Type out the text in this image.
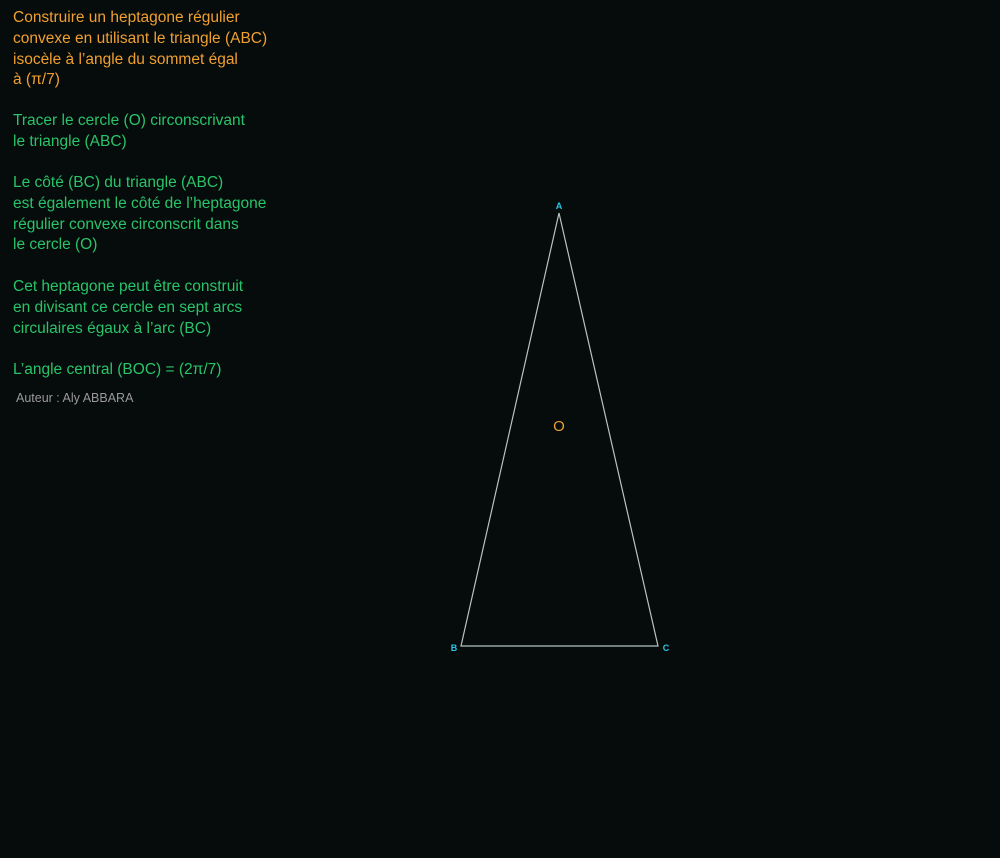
Construire un heptagone régulier
convexe en utilisant le triangle (ABC)
isocèle à l’angle du sommet égal
à (π/7)

Tracer le cercle (O) circonscrivant
le triangle (ABC)

Le côté (BC) du triangle (ABC)
est également le côté de l’heptagone
régulier convexe circonscrit dans
le cercle (O)

Cet heptagone peut être construit
en divisant ce cercle en sept arcs
circulaires égaux à l’arc (BC)

L’angle central (BOC) = (2π/7)

Auteur : Aly ABBARA

A
B	C
O
